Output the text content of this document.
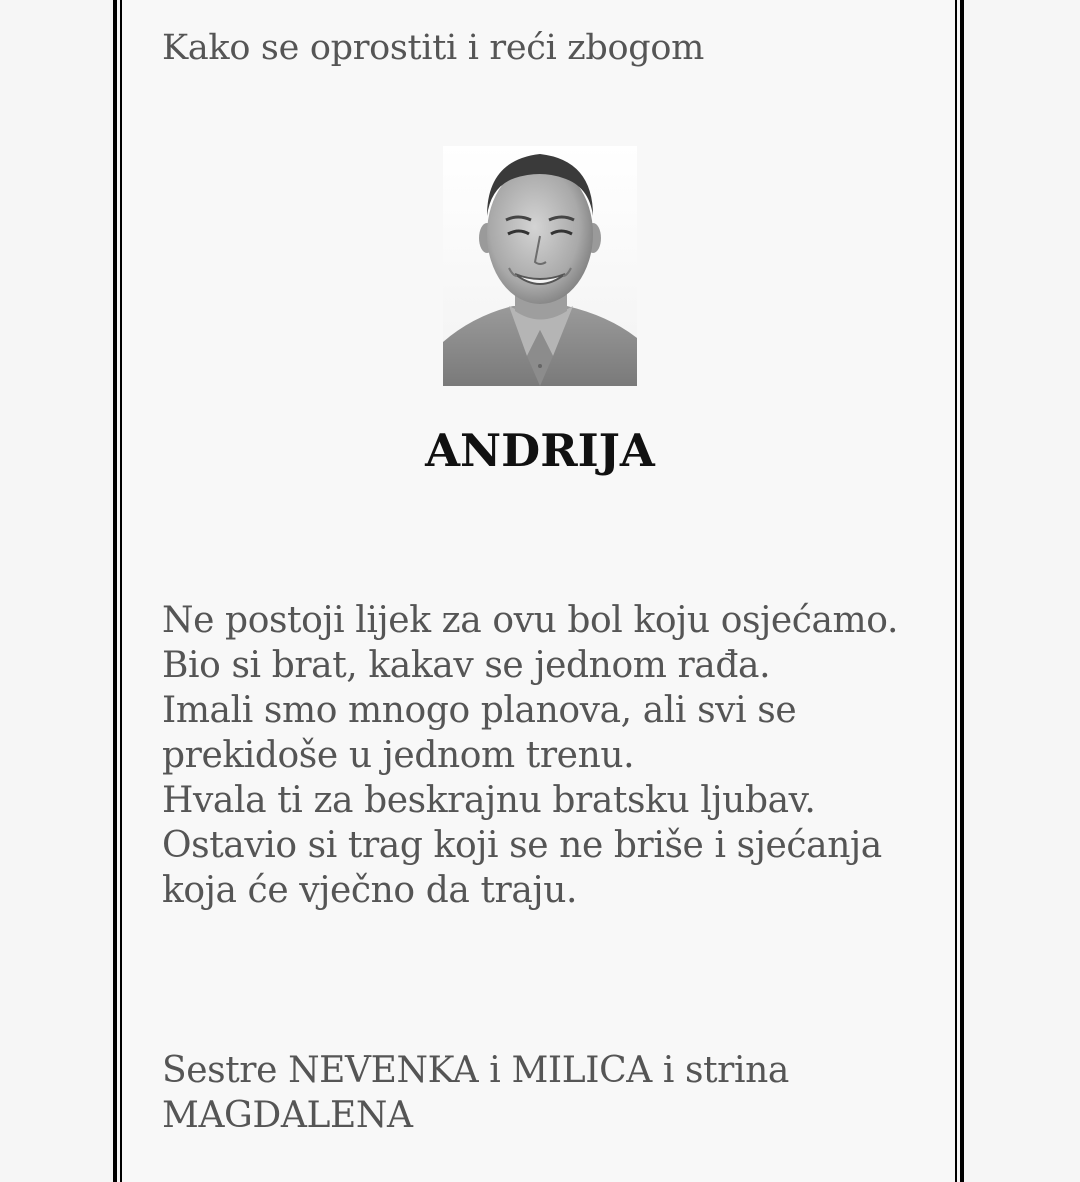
Kako se oprostiti i reći zbogom
ANDRIJA
Ne postoji lijek za ovu bol koju osjećamo.
Bio si brat, kakav se jednom rađa.
Imali smo mnogo planova, ali svi se
prekidoše u jednom trenu.
Hvala ti za beskrajnu bratsku ljubav.
Ostavio si trag koji se ne briše i sjećanja
koja će vječno da traju.
Sestre NEVENKA i MILICA i strina
MAGDALENA
